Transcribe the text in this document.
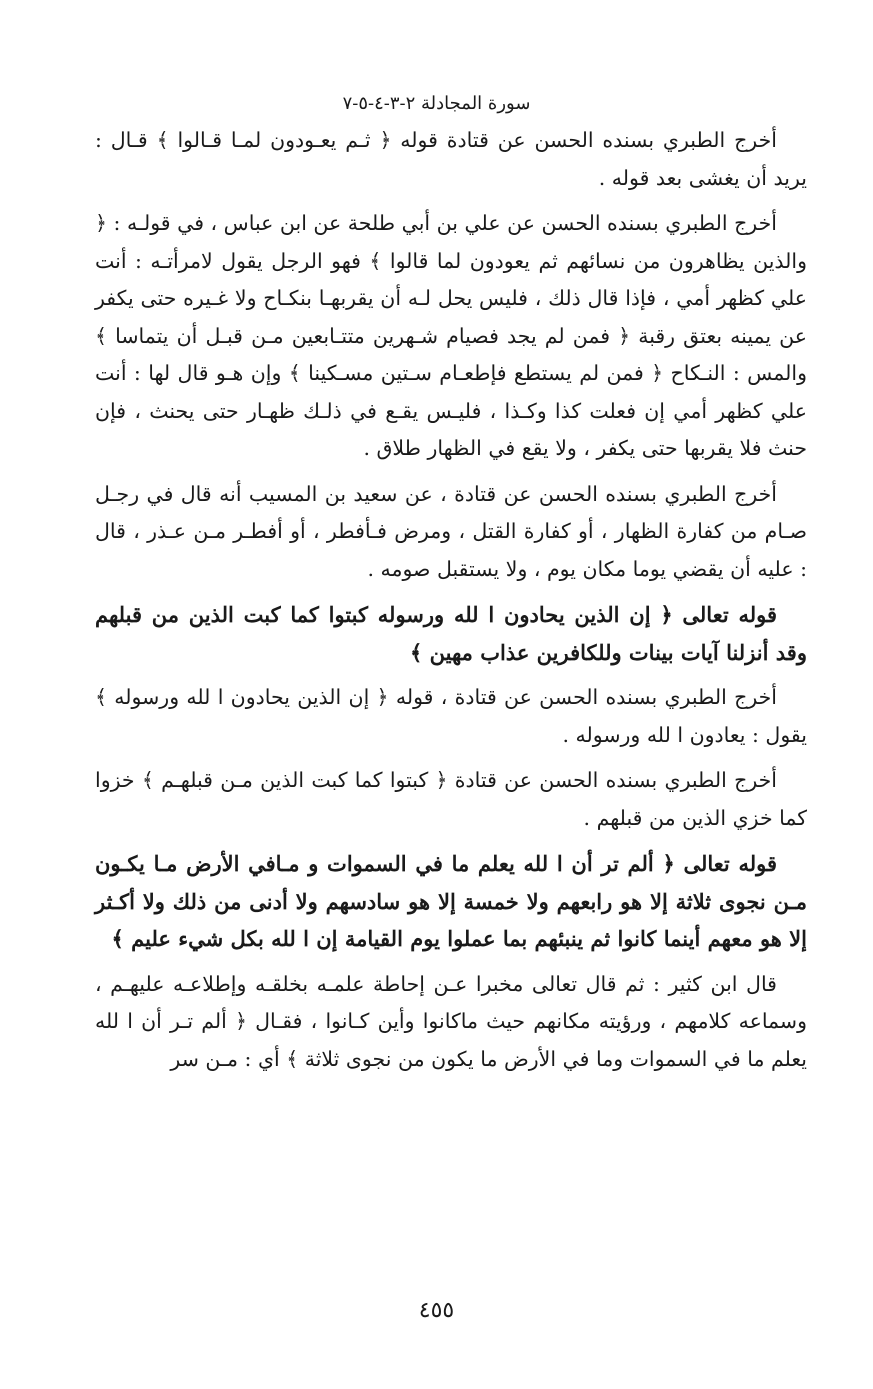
سورة المجادلة ٢-٣-٤-٥-٧

أخرج الطبري بسنده الحسن عن قتادة قوله ﴿ ثـم يعـودون لمـا قـالوا ﴾ قـال : يريد أن يغشى بعد قوله .

أخرج الطبري بسنده الحسن عن علي بن أبي طلحة عن ابن عباس ، في قولـه : ﴿ والذين يظاهرون من نسائهم ثم يعودون لما قالوا ﴾ فهو الرجل يقول لامرأتـه : أنت علي كظهر أمي ، فإذا قال ذلك ، فليس يحل لـه أن يقربهـا بنكـاح ولا غـيره حتى يكفر عن يمينه بعتق رقبة ﴿ فمن لم يجد فصيام شـهرين متتـابعين مـن قبـل أن يتماسا ﴾ والمس : النـكاح ﴿ فمن لم يستطع فإطعـام سـتين مسـكينا ﴾ وإن هـو قال لها : أنت علي كظهر أمي إن فعلت كذا وكـذا ، فليـس يقـع في ذلـك ظهـار حتى يحنث ، فإن حنث فلا يقربها حتى يكفر ، ولا يقع في الظهار طلاق .

أخرج الطبري بسنده الحسن عن قتادة ، عن سعيد بن المسيب أنه قال في رجـل صـام من كفارة الظهار ، أو كفارة القتل ، ومرض فـأفطر ، أو أفطـر مـن عـذر ، قال : عليه أن يقضي يوما مكان يوم ، ولا يستقبل صومه .

قوله تعالى ﴿ إن الذين يحادون ا لله ورسوله كبتوا كما كبت الذين من قبلهم وقد أنزلنا آيات بينات وللكافرين عذاب مهين ﴾

أخرج الطبري بسنده الحسن عن قتادة ، قوله ﴿ إن الذين يحادون ا لله ورسوله ﴾ يقول : يعادون ا لله ورسوله .

أخرج الطبري بسنده الحسن عن قتادة ﴿ كبتوا كما كبت الذين مـن قبلهـم ﴾ خزوا كما خزي الذين من قبلهم .

قوله تعالى ﴿ ألم تر أن ا لله يعلم ما في السموات و مـافي الأرض مـا يكـون مـن نجوى ثلاثة إلا هو رابعهم ولا خمسة إلا هو سادسهم ولا أدنى من ذلك ولا أكـثر إلا هو معهم أينما كانوا ثم ينبئهم بما عملوا يوم القيامة إن ا لله بكل شيء عليم ﴾

قال ابن كثير : ثم قال تعالى مخبرا عـن إحاطة علمـه بخلقـه وإطلاعـه عليهـم ، وسماعه كلامهم ، ورؤيته مكانهم حيث ماكانوا وأين كـانوا ، فقـال ﴿ ألم تـر أن ا لله يعلم ما في السموات وما في الأرض ما يكون من نجوى ثلاثة ﴾ أي : مـن سر

٤٥٥
